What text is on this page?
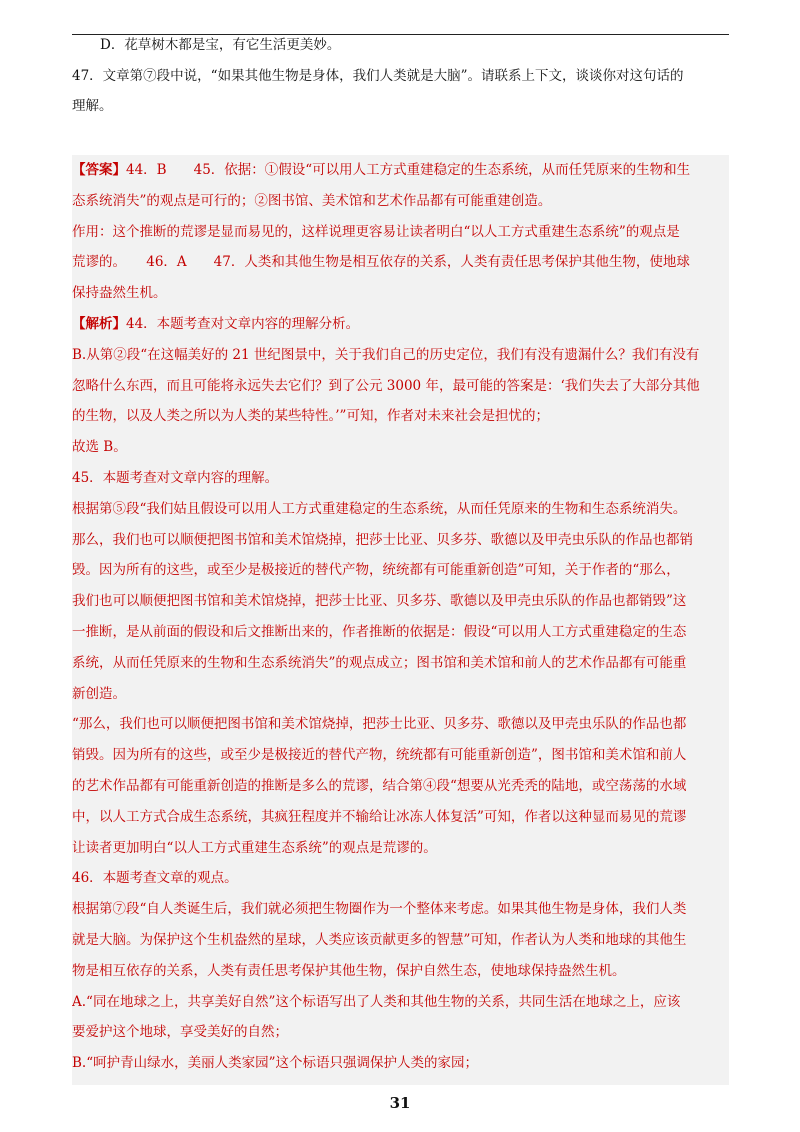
D．花草树木都是宝，有它生活更美妙。

47．文章第⑦段中说，“如果其他生物是身体，我们人类就是大脑”。请联系上下文，谈谈你对这句话的

理解。

【答案】44．B　　45．依据：①假设“可以用人工方式重建稳定的生态系统，从而任凭原来的生物和生

态系统消失”的观点是可行的；②图书馆、美术馆和艺术作品都有可能重建创造。

作用：这个推断的荒谬是显而易见的，这样说理更容易让读者明白“以人工方式重建生态系统”的观点是

荒谬的。　　46．A　　47．人类和其他生物是相互依存的关系，人类有责任思考保护其他生物，使地球

保持盎然生机。

【解析】44．本题考查对文章内容的理解分析。

B.从第②段“在这幅美好的 21 世纪图景中，关于我们自己的历史定位，我们有没有遗漏什么？我们有没有

忽略什么东西，而且可能将永远失去它们？到了公元 3000 年，最可能的答案是：‘我们失去了大部分其他

的生物，以及人类之所以为人类的某些特性。’”可知，作者对未来社会是担忧的；

故选 B。

45．本题考查对文章内容的理解。

根据第⑤段“我们姑且假设可以用人工方式重建稳定的生态系统，从而任凭原来的生物和生态系统消失。

那么，我们也可以顺便把图书馆和美术馆烧掉，把莎士比亚、贝多芬、歌德以及甲壳虫乐队的作品也都销

毁。因为所有的这些，或至少是极接近的替代产物，统统都有可能重新创造”可知，关于作者的“那么，

我们也可以顺便把图书馆和美术馆烧掉，把莎士比亚、贝多芬、歌德以及甲壳虫乐队的作品也都销毁”这

一推断，是从前面的假设和后文推断出来的，作者推断的依据是：假设“可以用人工方式重建稳定的生态

系统，从而任凭原来的生物和生态系统消失”的观点成立；图书馆和美术馆和前人的艺术作品都有可能重

新创造。

“那么，我们也可以顺便把图书馆和美术馆烧掉，把莎士比亚、贝多芬、歌德以及甲壳虫乐队的作品也都

销毁。因为所有的这些，或至少是极接近的替代产物，统统都有可能重新创造”，图书馆和美术馆和前人

的艺术作品都有可能重新创造的推断是多么的荒谬，结合第④段“想要从光秃秃的陆地，或空荡荡的水域

中，以人工方式合成生态系统，其疯狂程度并不输给让冰冻人体复活”可知，作者以这种显而易见的荒谬

让读者更加明白“以人工方式重建生态系统”的观点是荒谬的。

46．本题考查文章的观点。

根据第⑦段“自人类诞生后，我们就必须把生物圈作为一个整体来考虑。如果其他生物是身体，我们人类

就是大脑。为保护这个生机盎然的星球，人类应该贡献更多的智慧”可知，作者认为人类和地球的其他生

物是相互依存的关系，人类有责任思考保护其他生物，保护自然生态，使地球保持盎然生机。

A.“同在地球之上，共享美好自然”这个标语写出了人类和其他生物的关系，共同生活在地球之上，应该

要爱护这个地球，享受美好的自然；

B.“呵护青山绿水，美丽人类家园”这个标语只强调保护人类的家园；

31
